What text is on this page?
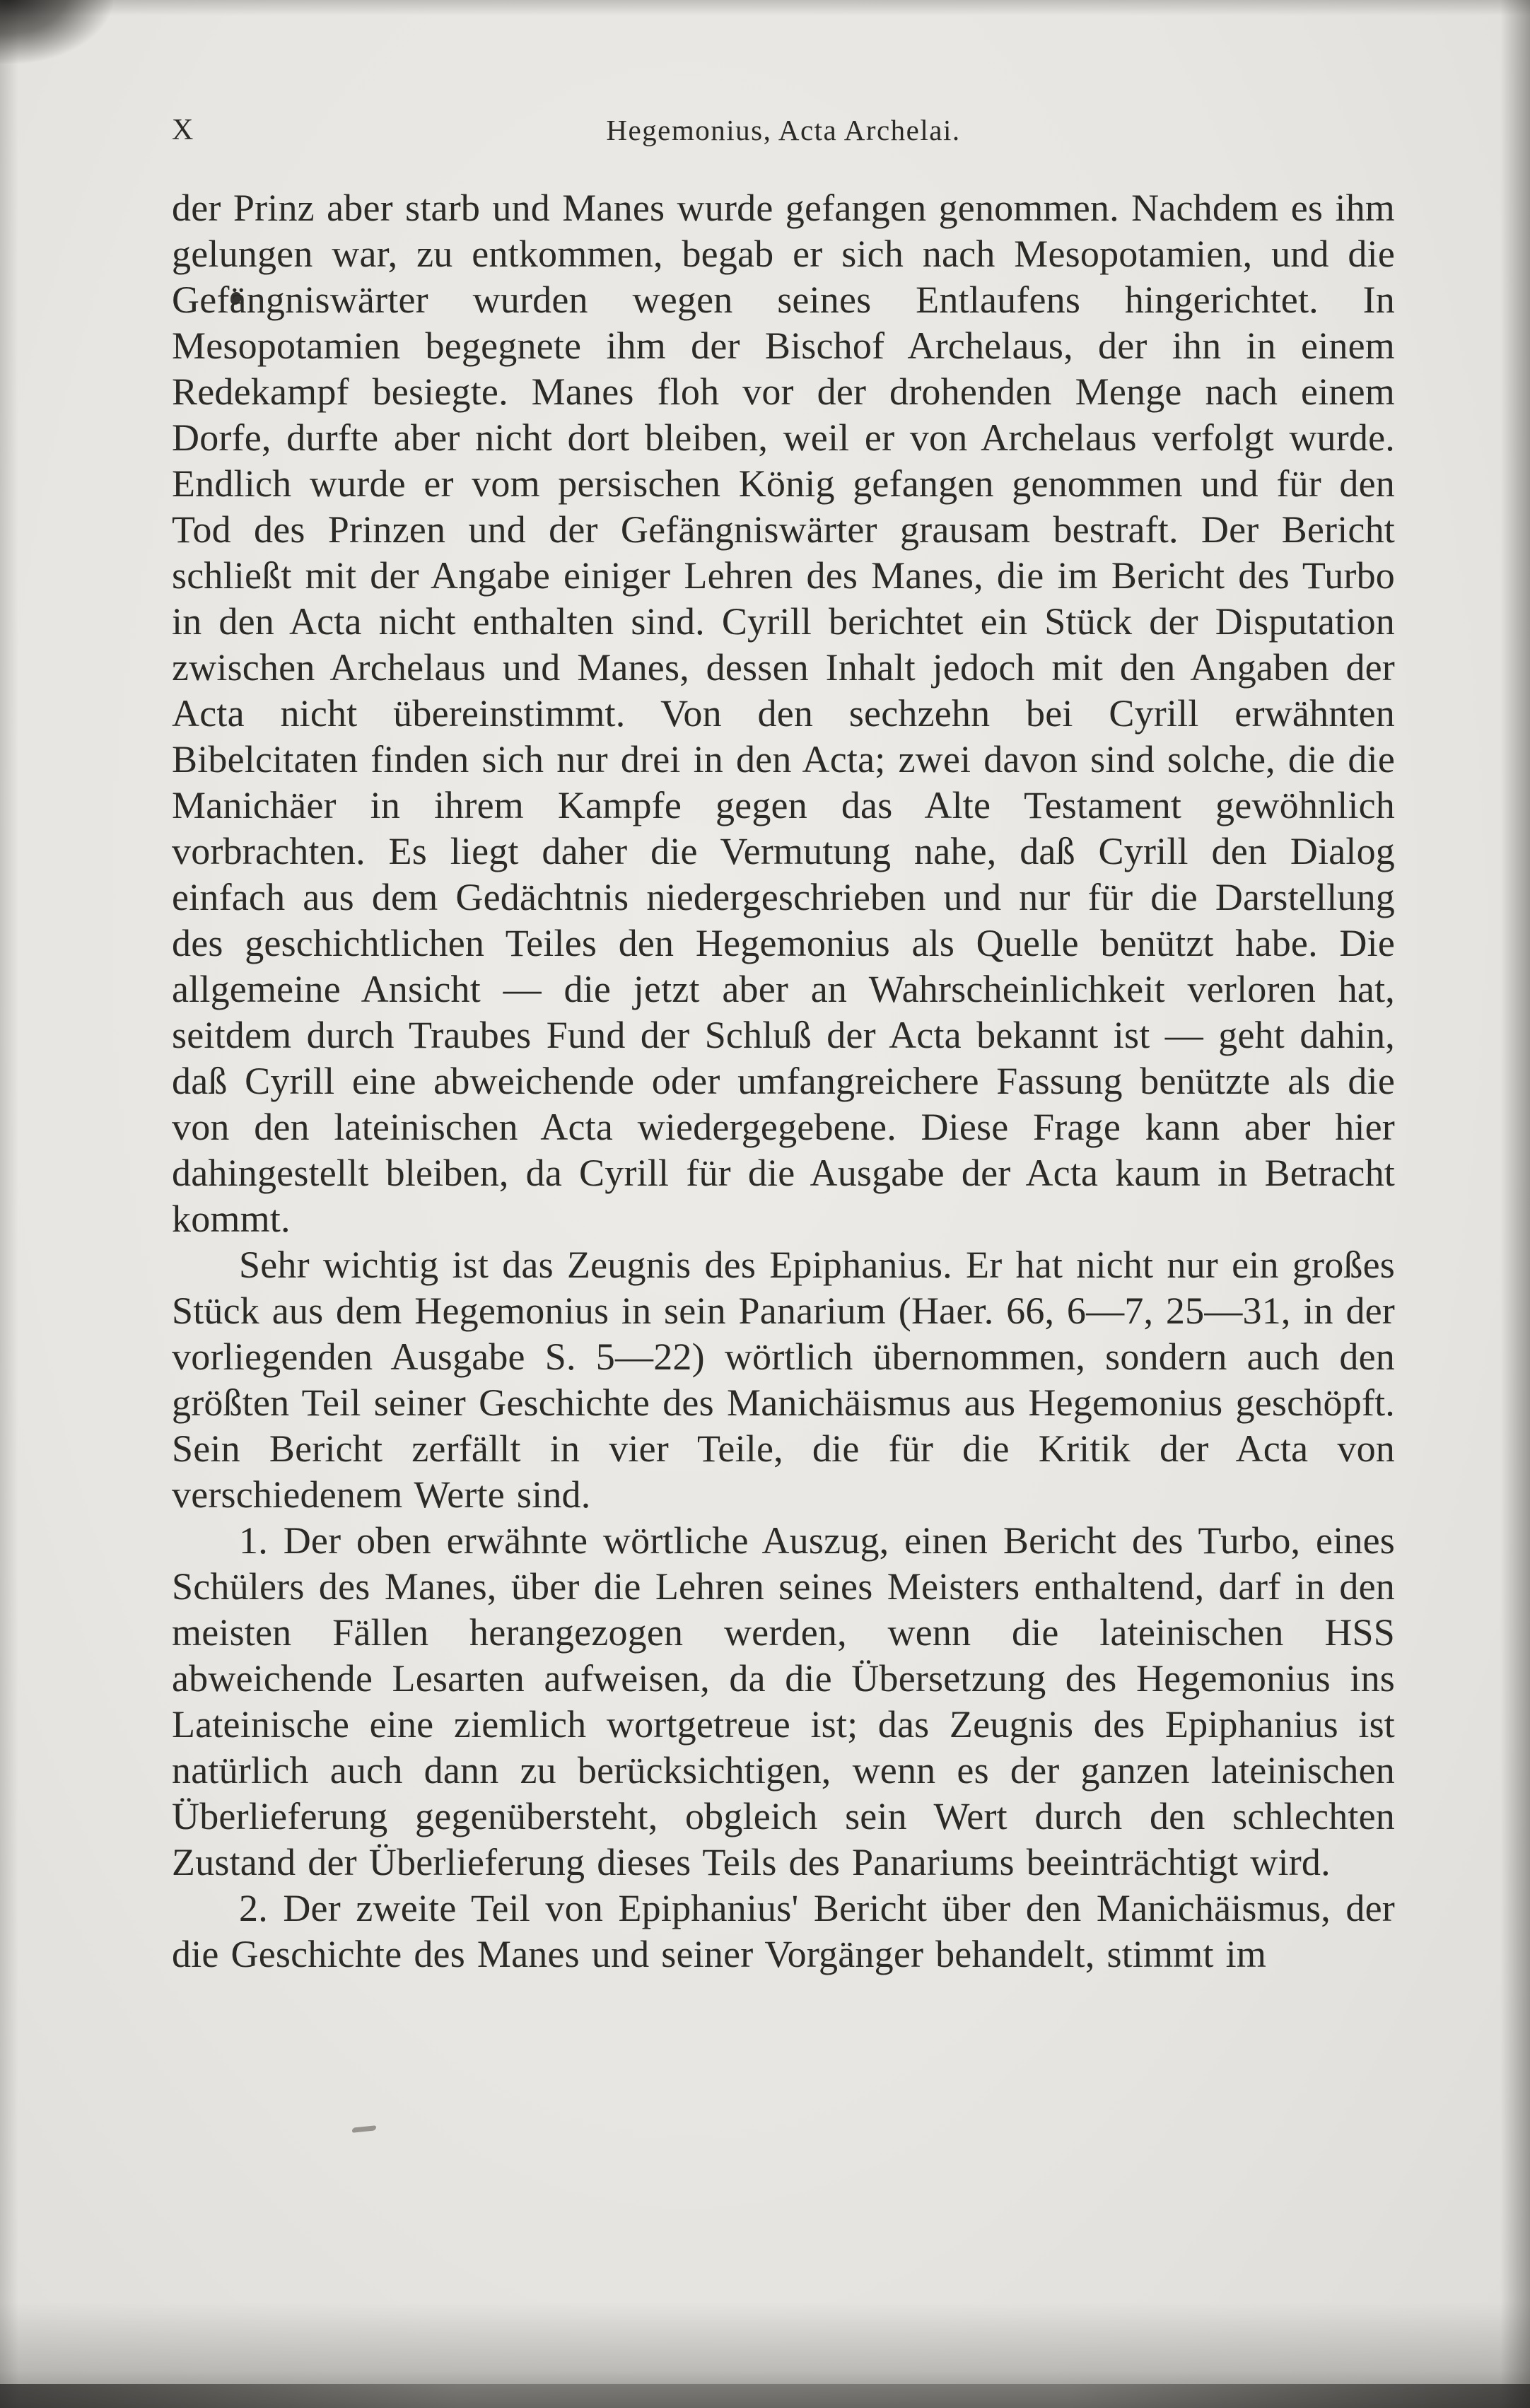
X	Hegemonius, Acta Archelai.

der Prinz aber starb und Manes wurde gefangen genommen. Nachdem es ihm gelungen war, zu entkommen, begab er sich nach Mesopotamien, und die Gefängniswärter wurden wegen seines Entlaufens hingerichtet. In Mesopotamien begegnete ihm der Bischof Archelaus, der ihn in einem Redekampf besiegte. Manes floh vor der drohenden Menge nach einem Dorfe, durfte aber nicht dort bleiben, weil er von Archelaus verfolgt wurde. Endlich wurde er vom persischen König gefangen genommen und für den Tod des Prinzen und der Gefängniswärter grausam bestraft. Der Bericht schließt mit der Angabe einiger Lehren des Manes, die im Bericht des Turbo in den Acta nicht enthalten sind. Cyrill berichtet ein Stück der Disputation zwischen Archelaus und Manes, dessen Inhalt jedoch mit den Angaben der Acta nicht übereinstimmt. Von den sechzehn bei Cyrill erwähnten Bibelcitaten finden sich nur drei in den Acta; zwei davon sind solche, die die Manichäer in ihrem Kampfe gegen das Alte Testament gewöhnlich vorbrachten. Es liegt daher die Vermutung nahe, daß Cyrill den Dialog einfach aus dem Gedächtnis niedergeschrieben und nur für die Darstellung des geschichtlichen Teiles den Hegemonius als Quelle benützt habe. Die allgemeine Ansicht — die jetzt aber an Wahrscheinlichkeit verloren hat, seitdem durch Traubes Fund der Schluß der Acta bekannt ist — geht dahin, daß Cyrill eine abweichende oder umfangreichere Fassung benützte als die von den lateinischen Acta wiedergegebene. Diese Frage kann aber hier dahingestellt bleiben, da Cyrill für die Ausgabe der Acta kaum in Betracht kommt.

Sehr wichtig ist das Zeugnis des Epiphanius. Er hat nicht nur ein großes Stück aus dem Hegemonius in sein Panarium (Haer. 66, 6—7, 25—31, in der vorliegenden Ausgabe S. 5—22) wörtlich übernommen, sondern auch den größten Teil seiner Geschichte des Manichäismus aus Hegemonius geschöpft. Sein Bericht zerfällt in vier Teile, die für die Kritik der Acta von verschiedenem Werte sind.

1. Der oben erwähnte wörtliche Auszug, einen Bericht des Turbo, eines Schülers des Manes, über die Lehren seines Meisters enthaltend, darf in den meisten Fällen herangezogen werden, wenn die lateinischen HSS abweichende Lesarten aufweisen, da die Übersetzung des Hegemonius ins Lateinische eine ziemlich wortgetreue ist; das Zeugnis des Epiphanius ist natürlich auch dann zu berücksichtigen, wenn es der ganzen lateinischen Überlieferung gegenübersteht, obgleich sein Wert durch den schlechten Zustand der Überlieferung dieses Teils des Panariums beeinträchtigt wird.

2. Der zweite Teil von Epiphanius' Bericht über den Manichäismus, der die Geschichte des Manes und seiner Vorgänger behandelt, stimmt im
